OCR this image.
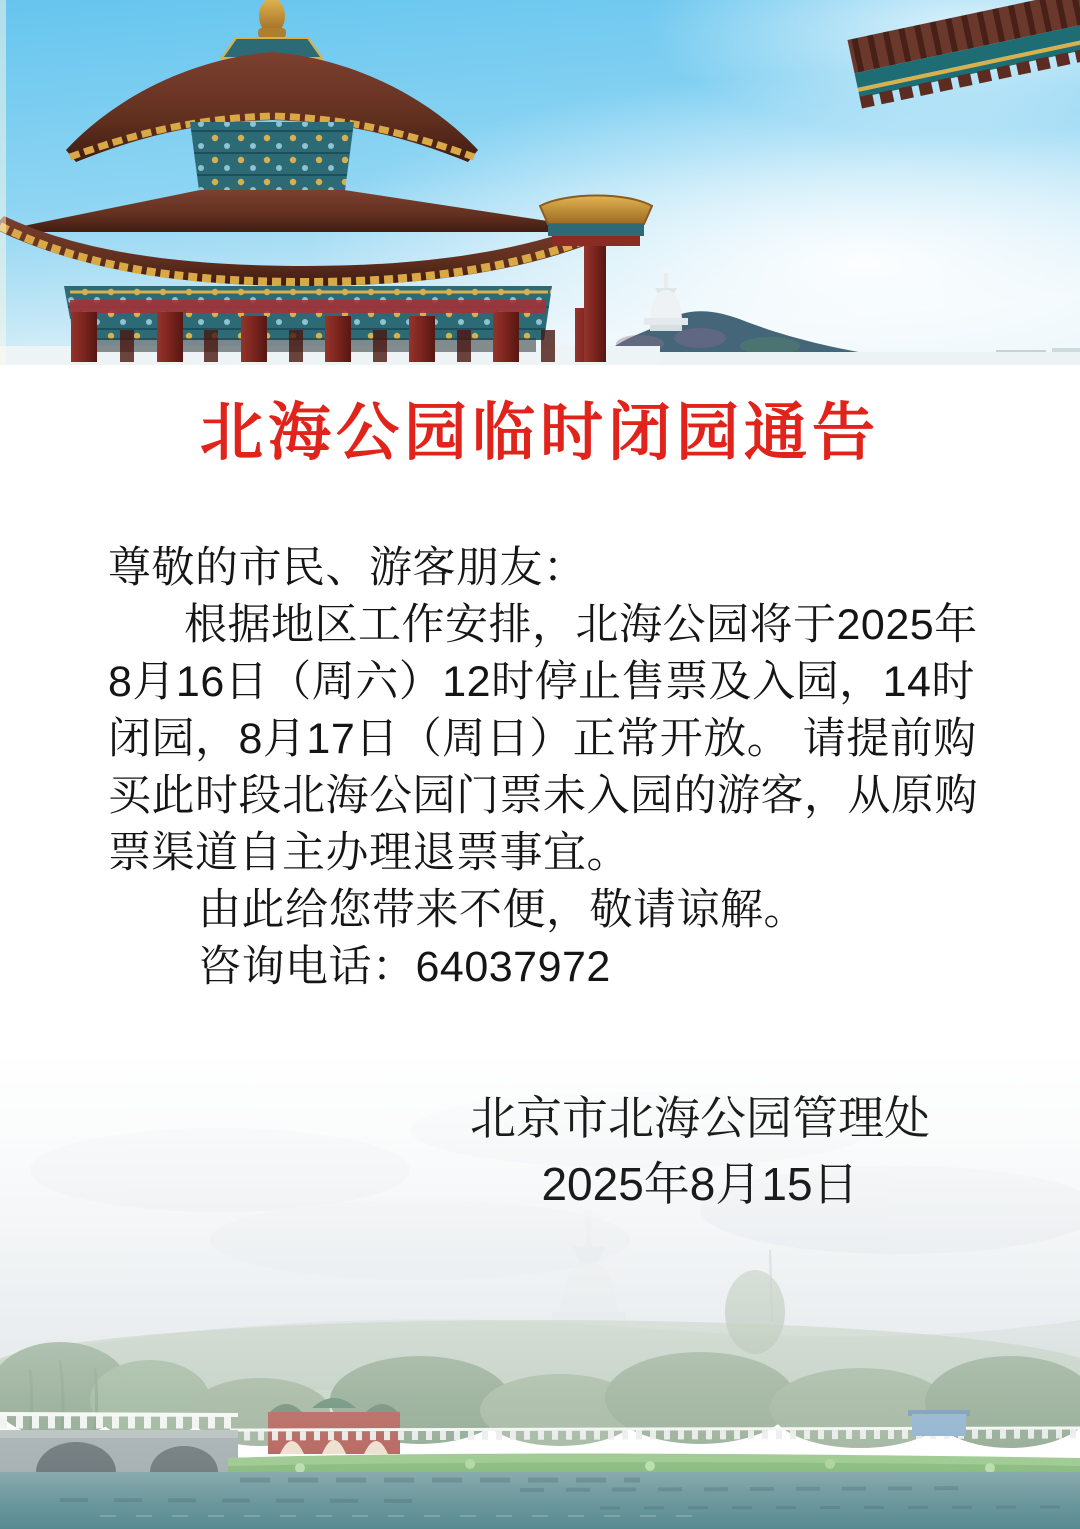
北海公园临时闭园通告
尊敬的市民、游客朋友：
根据地区工作安排，北海公园将于2025年
8月16日（周六）12时停止售票及入园，14时
闭园，8月17日（周日）正常开放。 请提前购
买此时段北海公园门票未入园的游客，从原购
票渠道自主办理退票事宜。
由此给您带来不便，敬请谅解。
咨询电话：64037972
北京市北海公园管理处
2025年8月15日
